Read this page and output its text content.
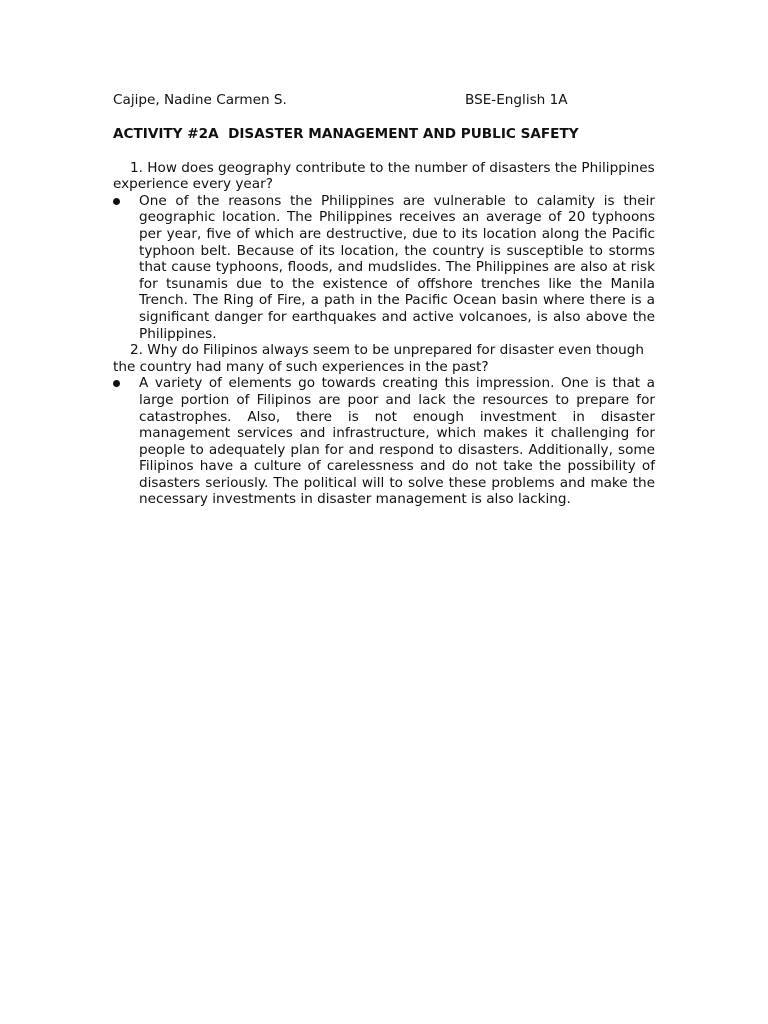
Cajipe, Nadine Carmen S.	BSE-English 1A
ACTIVITY #2A  DISASTER MANAGEMENT AND PUBLIC SAFETY

1. How does geography contribute to the number of disasters the Philippines experience every year?

One of the reasons the Philippines are vulnerable to calamity is their geographic location. The Philippines receives an average of 20 typhoons per year, five of which are destructive, due to its location along the Pacific typhoon belt. Because of its location, the country is susceptible to storms that cause typhoons, floods, and mudslides. The Philippines are also at risk for tsunamis due to the existence of offshore trenches like the Manila Trench. The Ring of Fire, a path in the Pacific Ocean basin where there is a significant danger for earthquakes and active volcanoes, is also above the Philippines.

2. Why do Filipinos always seem to be unprepared for disaster even though the country had many of such experiences in the past?

A variety of elements go towards creating this impression. One is that a large portion of Filipinos are poor and lack the resources to prepare for catastrophes. Also, there is not enough investment in disaster management services and infrastructure, which makes it challenging for people to adequately plan for and respond to disasters. Additionally, some Filipinos have a culture of carelessness and do not take the possibility of disasters seriously. The political will to solve these problems and make the necessary investments in disaster management is also lacking.
